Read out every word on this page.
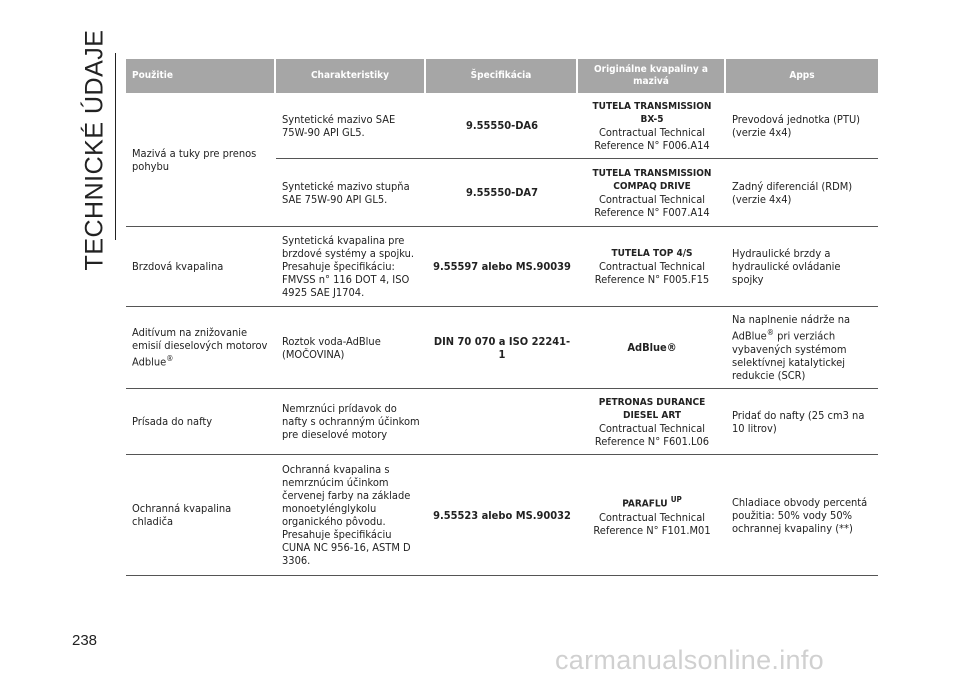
TECHNICKÉ ÚDAJE Použitie	Charakteristiky	Špecifikácia	Originálne kvapaliny a mazivá	Apps
Mazivá a tuky pre prenos pohybu	Syntetické mazivo SAE 75W-90 API GL5.	9.55550-DA6	TUTELA TRANSMISSION BX-5
Contractual Technical
Reference N° F006.A14	Prevodová jednotka (PTU) (verzie 4x4)
	Syntetické mazivo stupňa SAE 75W-90 API GL5.	9.55550-DA7	TUTELA TRANSMISSION COMPAQ DRIVE
Contractual Technical
Reference N° F007.A14	Zadný diferenciál (RDM) (verzie 4x4)
Brzdová kvapalina	Syntetická kvapalina pre brzdové systémy a spojku. Presahuje špecifikáciu: FMVSS n° 116 DOT 4, ISO 4925 SAE J1704.	9.55597 alebo MS.90039	TUTELA TOP 4/S
Contractual Technical
Reference N° F005.F15	Hydraulické brzdy a hydraulické ovládanie spojky
Aditívum na znižovanie emisií dieselových motorov Adblue®	Roztok voda-AdBlue (MOČOVINA)	DIN 70 070 a ISO 22241-1	AdBlue®	Na naplnenie nádrže na AdBlue® pri verziách vybavených systémom selektívnej katalytickej redukcie (SCR)
Prísada do nafty	Nemrznúci prídavok do nafty s ochranným účinkom pre dieselové motory		PETRONAS DURANCE DIESEL ART
Contractual Technical
Reference N° F601.L06	Pridať do nafty (25 cm3 na 10 litrov)
Ochranná kvapalina chladiča	Ochranná kvapalina s nemrznúcim účinkom červenej farby na základe monoetylénglykolu organického pôvodu. Presahuje špecifikáciu CUNA NC 956-16, ASTM D 3306.	9.55523 alebo MS.90032	PARAFLU $^{UP}$
Contractual Technical
Reference N° F101.M01	Chladiace obvody percentá použitia: 50% vody 50% ochrannej kvapaliny (**)
238
carmanualsonline.info
